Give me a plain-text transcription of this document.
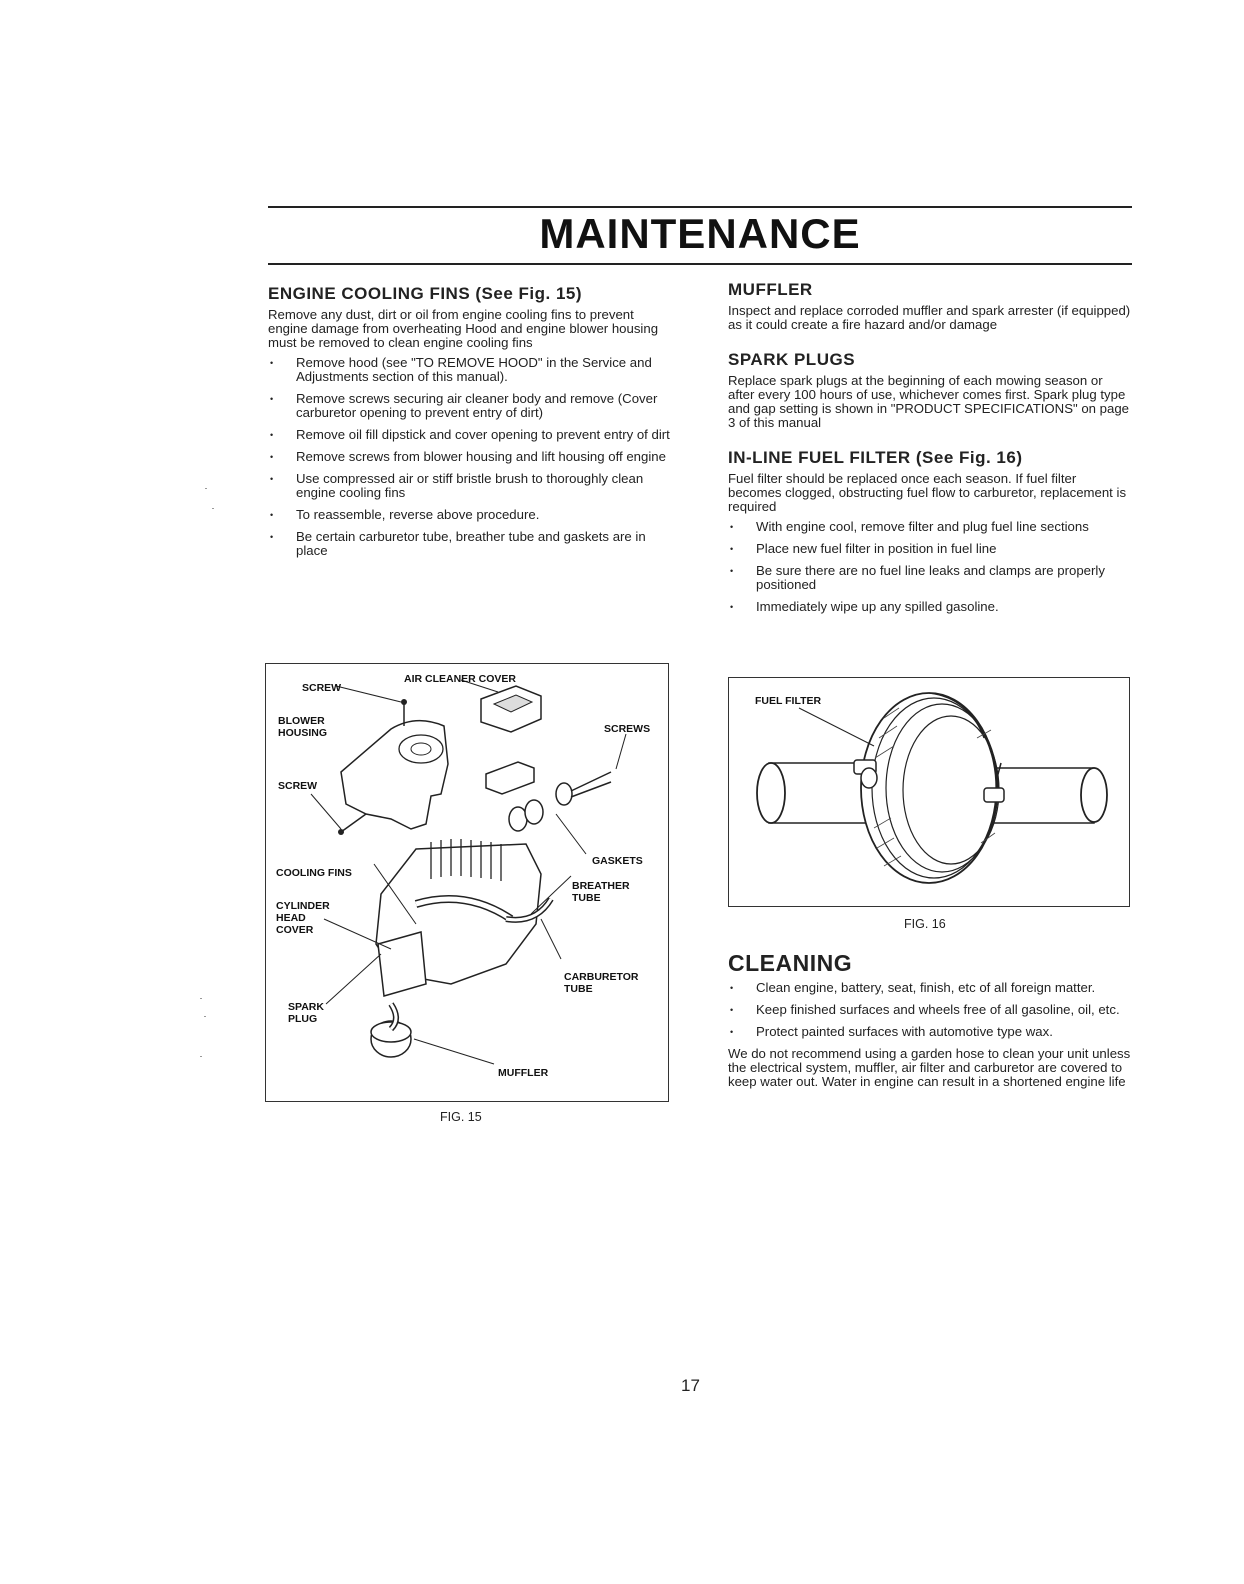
MAINTENANCE
ENGINE COOLING FINS (See Fig. 15)

Remove any dust, dirt or oil from engine cooling fins to prevent engine damage from overheating Hood and engine blower housing must be removed to clean engine cooling fins

• Remove hood (see "TO REMOVE HOOD" in the Service and Adjustments section of this manual).
• Remove screws securing air cleaner body and remove (Cover carburetor opening to prevent entry of dirt)
• Remove oil fill dipstick and cover opening to prevent entry of dirt
• Remove screws from blower housing and lift housing off engine
• Use compressed air or stiff bristle brush to thoroughly clean engine cooling fins
• To reassemble, reverse above procedure.
• Be certain carburetor tube, breather tube and gaskets are in place
AIR CLEANER COVER
SCREW
BLOWER
HOUSING	SCREWS
SCREW
GASKETS
COOLING FINS
BREATHER
TUBE
CYLINDER
HEAD
COVER
CARBURETOR
TUBE
SPARK
PLUG
MUFFLER
FIG. 15
MUFFLER

Inspect and replace corroded muffler and spark arrester (if equipped) as it could create a fire hazard and/or damage

SPARK PLUGS

Replace spark plugs at the beginning of each mowing season or after every 100 hours of use, whichever comes first. Spark plug type and gap setting is shown in "PRODUCT SPECIFICATIONS" on page 3 of this manual

IN-LINE FUEL FILTER (See Fig. 16)

Fuel filter should be replaced once each season. If fuel filter becomes clogged, obstructing fuel flow to carburetor, replacement is required

• With engine cool, remove filter and plug fuel line sections
• Place new fuel filter in position in fuel line
• Be sure there are no fuel line leaks and clamps are properly positioned
• Immediately wipe up any spilled gasoline.
FUEL FILTER
FIG. 16
CLEANING
• Clean engine, battery, seat, finish, etc of all foreign matter.
• Keep finished surfaces and wheels free of all gasoline, oil, etc.
• Protect painted surfaces with automotive type wax.

We do not recommend using a garden hose to clean your unit unless the electrical system, muffler, air filter and carburetor are covered to keep water out. Water in engine can result in a shortened engine life

17
